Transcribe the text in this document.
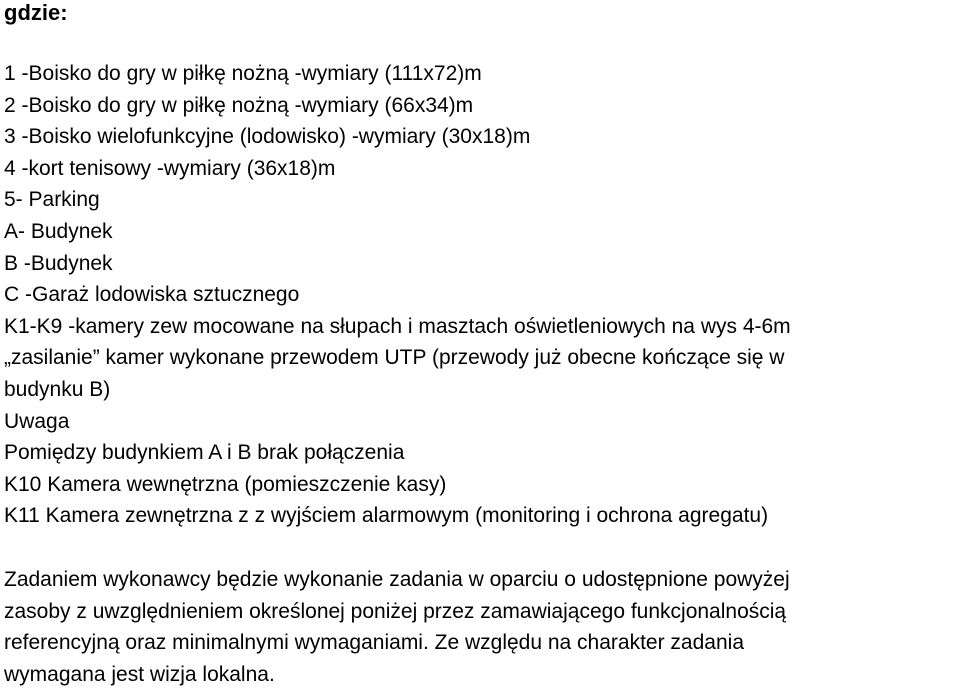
gdzie:
1 -Boisko do gry w piłkę nożną -wymiary (111x72)m
2 -Boisko do gry w piłkę nożną -wymiary (66x34)m
3 -Boisko wielofunkcyjne (lodowisko) -wymiary (30x18)m
4 -kort tenisowy -wymiary (36x18)m
5- Parking
A- Budynek
B -Budynek
C -Garaż lodowiska sztucznego
K1-K9 -kamery zew mocowane na słupach i masztach oświetleniowych na wys 4-6m
„zasilanie” kamer wykonane przewodem UTP (przewody już obecne kończące się w
budynku B)
Uwaga
Pomiędzy budynkiem A i B brak połączenia
K10 Kamera wewnętrzna (pomieszczenie kasy)
K11 Kamera zewnętrzna z z wyjściem alarmowym (monitoring i ochrona agregatu)
Zadaniem wykonawcy będzie wykonanie zadania w oparciu o udostępnione powyżej
zasoby z uwzględnieniem określonej poniżej przez zamawiającego funkcjonalnością
referencyjną oraz minimalnymi wymaganiami. Ze względu na charakter zadania
wymagana jest wizja lokalna.
